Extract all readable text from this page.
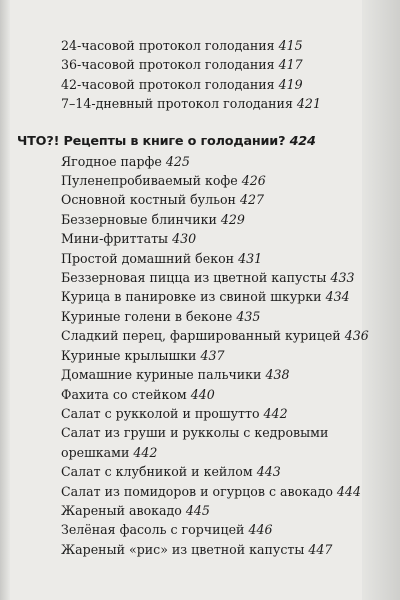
24-часовой протокол голодания 415
36-часовой протокол голодания 417
42-часовой протокол голодания 419
7–14-дневный протокол голодания 421
ЧТО?! Рецепты в книге о голодании? 424
Ягодное парфе 425
Пуленепробиваемый кофе 426
Основной костный бульон 427
Беззерновые блинчики 429
Мини-фриттаты 430
Простой домашний бекон 431
Беззерновая пицца из цветной капусты 433
Курица в панировке из свиной шкурки 434
Куриные голени в беконе 435
Сладкий перец, фаршированный курицей 436
Куриные крылышки 437
Домашние куриные пальчики 438
Фахита со стейком 440
Салат с рукколой и прошутто 442
Салат из груши и рукколы с кедровыми орешками 442
Салат с клубникой и кейлом 443
Салат из помидоров и огурцов с авокадо 444
Жареный авокадо 445
Зелёная фасоль с горчицей 446
Жареный «рис» из цветной капусты 447
